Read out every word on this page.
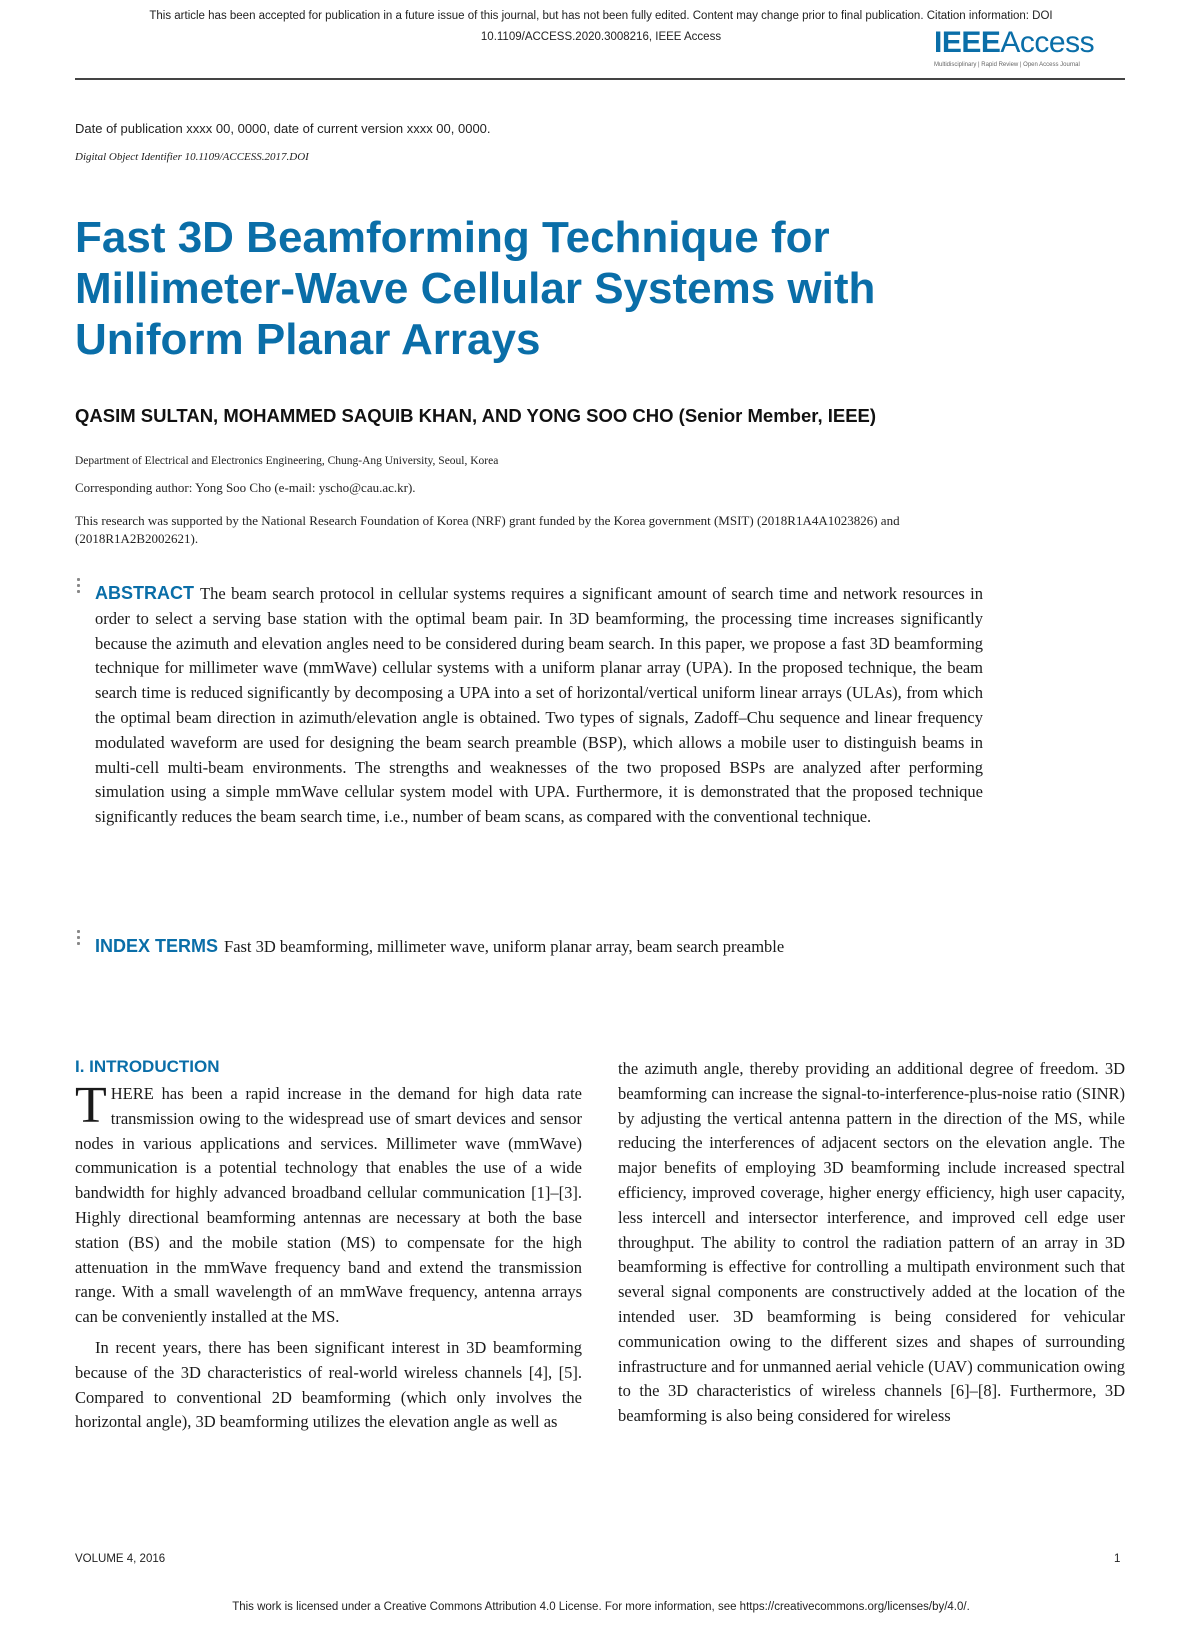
This article has been accepted for publication in a future issue of this journal, but has not been fully edited. Content may change prior to final publication. Citation information: DOI
10.1109/ACCESS.2020.3008216, IEEE Access	IEEEAccess
Multidisciplinary | Rapid Review | Open Access Journal
Date of publication xxxx 00, 0000, date of current version xxxx 00, 0000.
Digital Object Identifier 10.1109/ACCESS.2017.DOI
Fast 3D Beamforming Technique for Millimeter-Wave Cellular Systems with Uniform Planar Arrays
QASIM SULTAN, MOHAMMED SAQUIB KHAN, AND YONG SOO CHO (Senior Member, IEEE)
Department of Electrical and Electronics Engineering, Chung-Ang University, Seoul, Korea
Corresponding author: Yong Soo Cho (e-mail: yscho@cau.ac.kr).
This research was supported by the National Research Foundation of Korea (NRF) grant funded by the Korea government (MSIT) (2018R1A4A1023826) and (2018R1A2B2002621).
ABSTRACT The beam search protocol in cellular systems requires a significant amount of search time and network resources in order to select a serving base station with the optimal beam pair. In 3D beamforming, the processing time increases significantly because the azimuth and elevation angles need to be considered during beam search. In this paper, we propose a fast 3D beamforming technique for millimeter wave (mmWave) cellular systems with a uniform planar array (UPA). In the proposed technique, the beam search time is reduced significantly by decomposing a UPA into a set of horizontal/vertical uniform linear arrays (ULAs), from which the optimal beam direction in azimuth/elevation angle is obtained. Two types of signals, Zadoff–Chu sequence and linear frequency modulated waveform are used for designing the beam search preamble (BSP), which allows a mobile user to distinguish beams in multi-cell multi-beam environments. The strengths and weaknesses of the two proposed BSPs are analyzed after performing simulation using a simple mmWave cellular system model with UPA. Furthermore, it is demonstrated that the proposed technique significantly reduces the beam search time, i.e., number of beam scans, as compared with the conventional technique.
INDEX TERMS Fast 3D beamforming, millimeter wave, uniform planar array, beam search preamble
I. INTRODUCTION

THERE has been a rapid increase in the demand for high data rate transmission owing to the widespread use of smart devices and sensor nodes in various applications and services. Millimeter wave (mmWave) communication is a potential technology that enables the use of a wide bandwidth for highly advanced broadband cellular communication [1]–[3]. Highly directional beamforming antennas are necessary at both the base station (BS) and the mobile station (MS) to compensate for the high attenuation in the mmWave frequency band and extend the transmission range. With a small wavelength of an mmWave frequency, antenna arrays can be conveniently installed at the MS.

In recent years, there has been significant interest in 3D beamforming because of the 3D characteristics of real-world wireless channels [4], [5]. Compared to conventional 2D beamforming (which only involves the horizontal angle), 3D beamforming utilizes the elevation angle as well as

the azimuth angle, thereby providing an additional degree of freedom. 3D beamforming can increase the signal-to-interference-plus-noise ratio (SINR) by adjusting the vertical antenna pattern in the direction of the MS, while reducing the interferences of adjacent sectors on the elevation angle. The major benefits of employing 3D beamforming include increased spectral efficiency, improved coverage, higher energy efficiency, high user capacity, less intercell and intersector interference, and improved cell edge user throughput. The ability to control the radiation pattern of an array in 3D beamforming is effective for controlling a multipath environment such that several signal components are constructively added at the location of the intended user. 3D beamforming is being considered for vehicular communication owing to the different sizes and shapes of surrounding infrastructure and for unmanned aerial vehicle (UAV) communication owing to the 3D characteristics of wireless channels [6]–[8]. Furthermore, 3D beamforming is also being considered for wireless

VOLUME 4, 2016	1
This work is licensed under a Creative Commons Attribution 4.0 License. For more information, see https://creativecommons.org/licenses/by/4.0/.
